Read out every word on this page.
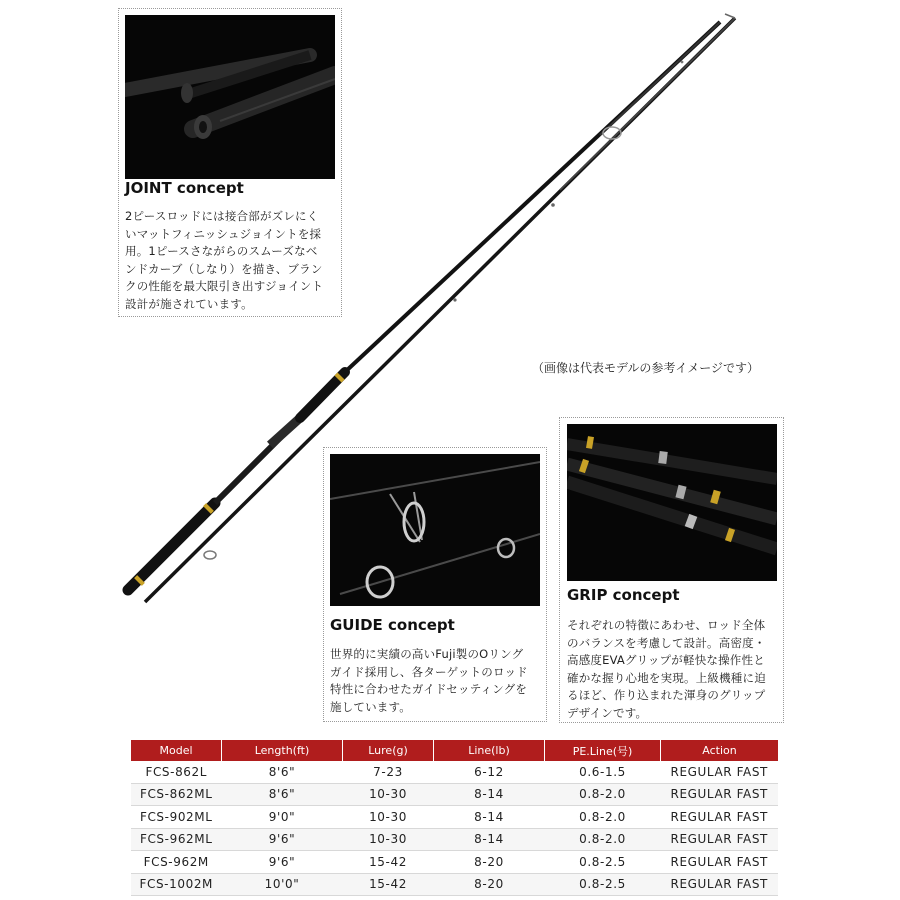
JOINT concept
2ピースロッドには接合部がズレにく
いマットフィニッシュジョイントを採
用。1ピースさながらのスムーズなベ
ンドカーブ（しなり）を描き、ブラン
クの性能を最大限引き出すジョイント
設計が施されています。
（画像は代表モデルの参考イメージです）
GUIDE concept
世界的に実績の高いFuji製のOリング
ガイド採用し、各ターゲットのロッド
特性に合わせたガイドセッティングを
施しています。
GRIP concept
それぞれの特徴にあわせ、ロッド全体
のバランスを考慮して設計。高密度・
高感度EVAグリップが軽快な操作性と
確かな握り心地を実現。上級機種に迫
るほど、作り込まれた渾身のグリップ
デザインです。
Model	Length(ft)	Lure(g)	Line(lb)	PE.Line(号)	Action
FCS-862L	8'6"	7-23	6-12	0.6-1.5	REGULAR FAST
FCS-862ML	8'6"	10-30	8-14	0.8-2.0	REGULAR FAST
FCS-902ML	9'0"	10-30	8-14	0.8-2.0	REGULAR FAST
FCS-962ML	9'6"	10-30	8-14	0.8-2.0	REGULAR FAST
FCS-962M	9'6"	15-42	8-20	0.8-2.5	REGULAR FAST
FCS-1002M	10'0"	15-42	8-20	0.8-2.5	REGULAR FAST
